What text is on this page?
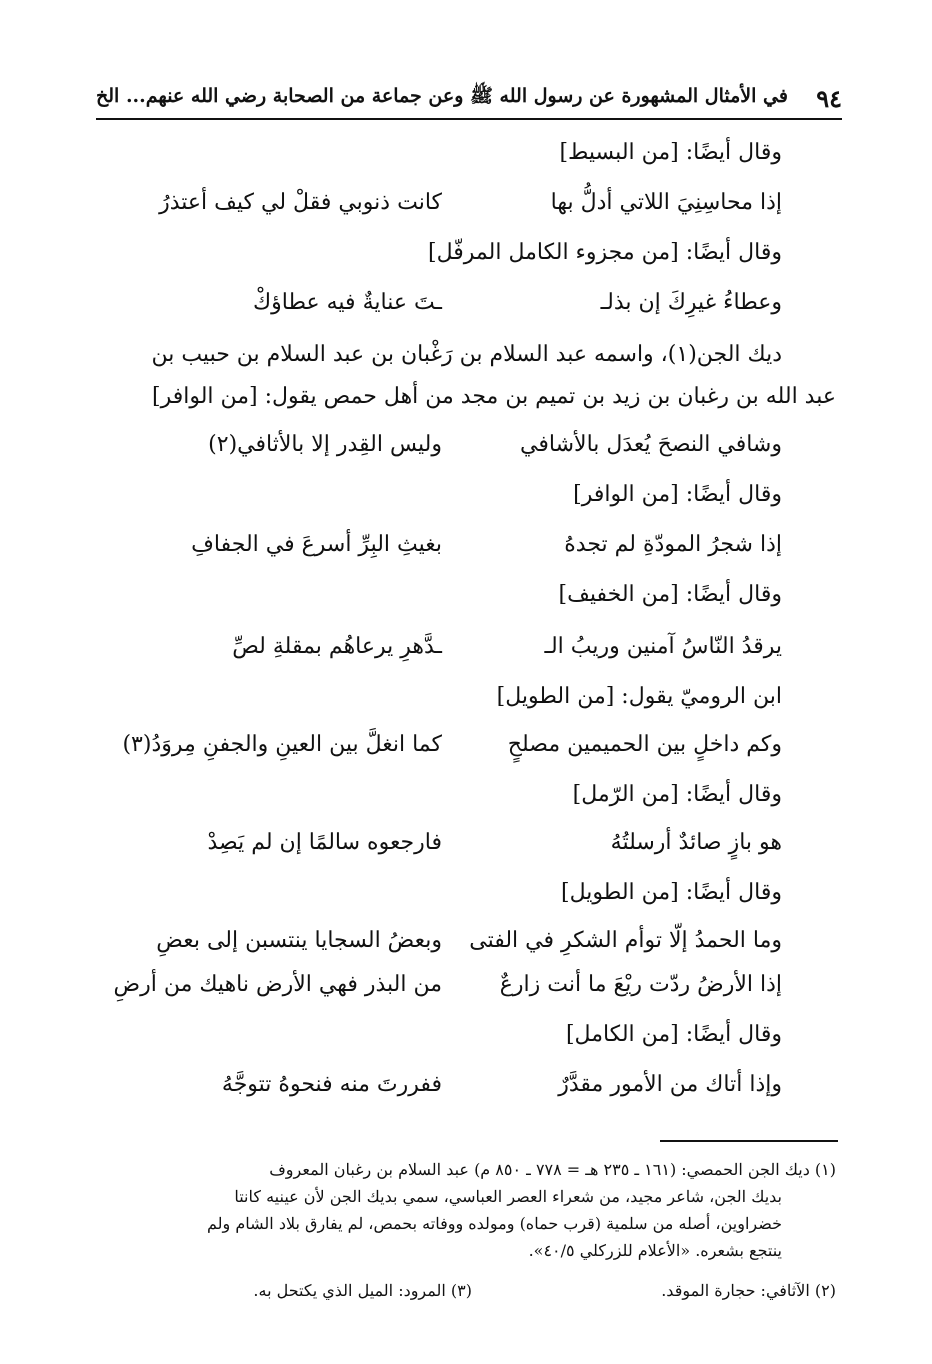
٩٤
في الأمثال المشهورة عن رسول الله ﷺ وعن جماعة من الصحابة رضي الله عنهم... الخ
وقال أيضًا: [من البسيط]
إذا محاسِنِيَ اللاتي أدلُّ بها
كانت ذنوبي فقلْ لي كيف أعتذرُ
وقال أيضًا: [من مجزوء الكامل المرفّل]
وعطاءُ غيرِكَ إن بذلـ
ـتَ عنايةٌ فيه عطاؤكْ
ديك الجن(١)، واسمه عبد السلام بن رَغْبان بن عبد السلام بن حبيب بن
عبد الله بن رغبان بن زيد بن تميم بن مجد من أهل حمص يقول: [من الوافر]
وشافي النصحَ يُعدَل بالأشافي
وليس القِدر إلا بالأثافي(٢)
وقال أيضًا: [من الوافر]
إذا شجرُ المودّةِ لم تجدهُ
بغيثِ البِرِّ أسرعَ في الجفافِ
وقال أيضًا: [من الخفيف]
يرقدُ النّاسُ آمنين وريبُ الـ
ـدَّهرِ يرعاهُم بمقلةِ لصِّ
ابن الروميّ يقول: [من الطويل]
وكم داخلٍ بين الحميمين مصلحٍ
كما انغلَّ بين العينِ والجفنِ مِروَدُ(٣)
وقال أيضًا: [من الرّمل]
هو بازٍ صائدٌ أرسلتُهُ
فارجعوه سالمًا إن لم يَصِدْ
وقال أيضًا: [من الطويل]
وما الحمدُ إلّا توأم الشكرِ في الفتى
وبعضُ السجايا ينتسبن إلى بعضِ
إذا الأرضُ ردّت ريْعَ ما أنت زارعٌ
من البذر فهي الأرض ناهيك من أرضِ
وقال أيضًا: [من الكامل]
وإذا أتاك من الأمور مقدَّرٌ
ففررتَ منه فنحوهُ تتوجَّهُ
(١) ديك الجن الحمصي: (١٦١ ـ ٢٣٥ هـ = ٧٧٨ ـ ٨٥٠ م) عبد السلام بن رغبان المعروف
بديك الجن، شاعر مجيد، من شعراء العصر العباسي، سمي بديك الجن لأن عينيه كانتا
خضراوين، أصله من سلمية (قرب حماه) ومولده ووفاته بحمص، لم يفارق بلاد الشام ولم
ينتجع بشعره. «الأعلام للزركلي ٤٠/٥».
(٢) الآثافي: حجارة الموقد.
(٣) المرود: الميل الذي يكتحل به.
